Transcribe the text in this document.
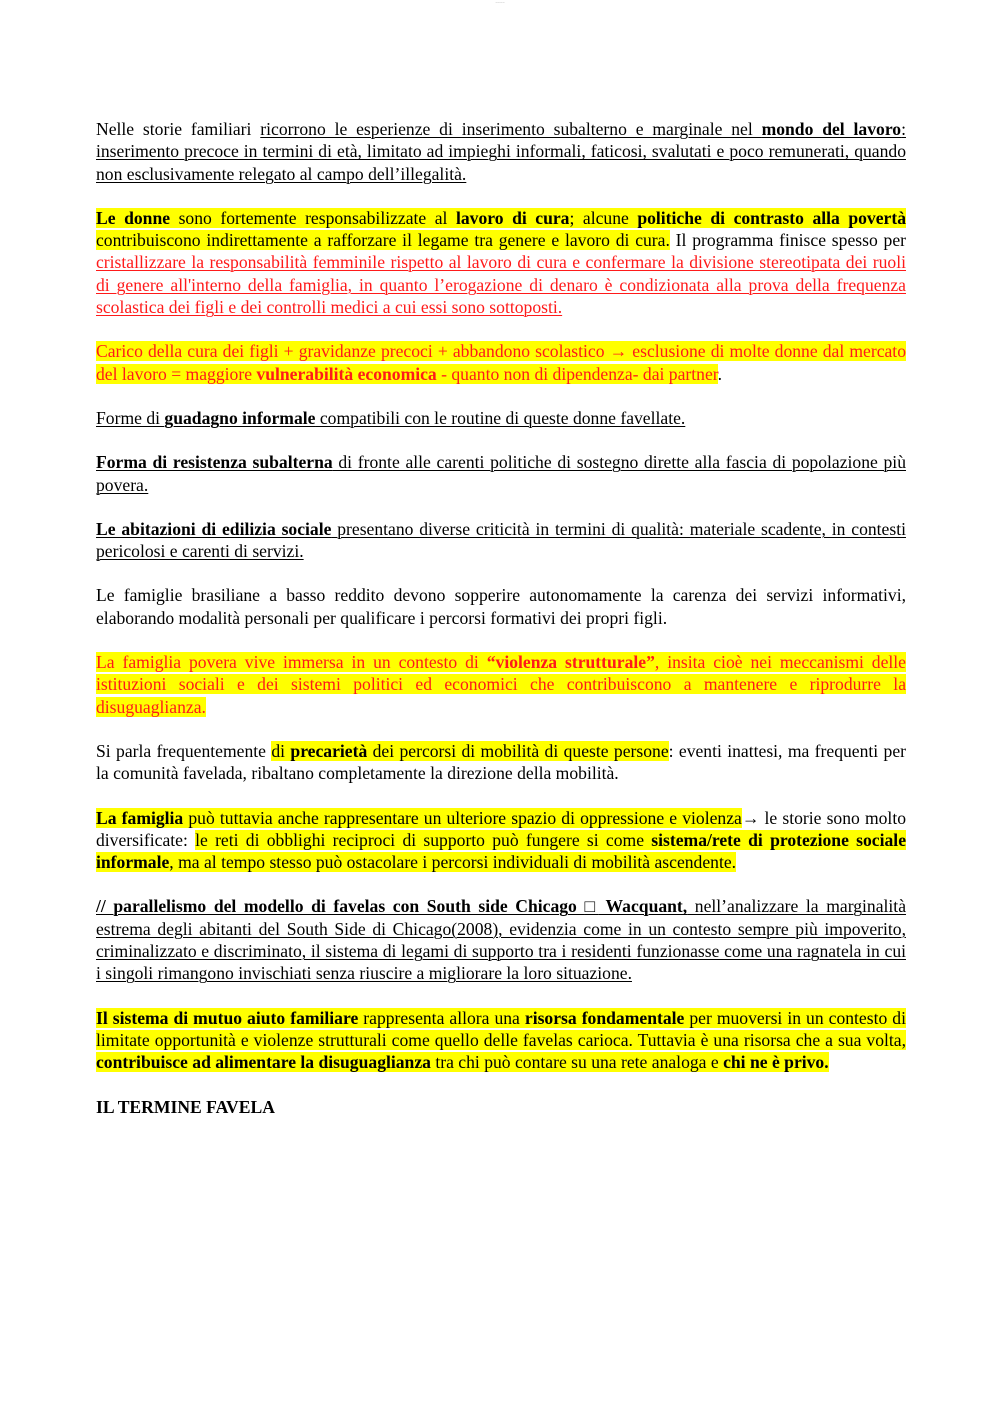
~~~~

Nelle storie familiari ricorrono le esperienze di inserimento subalterno e marginale nel mondo del lavoro: inserimento precoce in termini di età, limitato ad impieghi informali, faticosi, svalutati e poco remunerati, quando non esclusivamente relegato al campo dell’illegalità.

Le donne sono fortemente responsabilizzate al lavoro di cura; alcune politiche di contrasto alla povertà contribuiscono indirettamente a rafforzare il legame tra genere e lavoro di cura. Il programma finisce spesso per cristallizzare la responsabilità femminile rispetto al lavoro di cura e confermare la divisione stereotipata dei ruoli di genere all'interno della famiglia, in quanto l’erogazione di denaro è condizionata alla prova della frequenza scolastica dei figli e dei controlli medici a cui essi sono sottoposti.

Carico della cura dei figli + gravidanze precoci + abbandono scolastico → esclusione di molte donne dal mercato del lavoro = maggiore vulnerabilità economica - quanto non di dipendenza- dai partner.

Forme di guadagno informale compatibili con le routine di queste donne favellate.

Forma di resistenza subalterna di fronte alle carenti politiche di sostegno dirette alla fascia di popolazione più povera.

Le abitazioni di edilizia sociale presentano diverse criticità in termini di qualità: materiale scadente, in contesti pericolosi e carenti di servizi.

Le famiglie brasiliane a basso reddito devono sopperire autonomamente la carenza dei servizi informativi, elaborando modalità personali per qualificare i percorsi formativi dei propri figli.

La famiglia povera vive immersa in un contesto di “violenza strutturale”, insita cioè nei meccanismi delle istituzioni sociali e dei sistemi politici ed economici che contribuiscono a mantenere e riprodurre la disuguaglianza.

Si parla frequentemente di precarietà dei percorsi di mobilità di queste persone: eventi inattesi, ma frequenti per la comunità favelada, ribaltano completamente la direzione della mobilità.

La famiglia può tuttavia anche rappresentare un ulteriore spazio di oppressione e violenza→ le storie sono molto diversificate: le reti di obblighi reciproci di supporto può fungere si come sistema/rete di protezione sociale informale, ma al tempo stesso può ostacolare i percorsi individuali di mobilità ascendente.

// parallelismo del modello di favelas con South side Chicago □ Wacquant, nell’analizzare la marginalità estrema degli abitanti del South Side di Chicago(2008), evidenzia come in un contesto sempre più impoverito, criminalizzato e discriminato, il sistema di legami di supporto tra i residenti funzionasse come una ragnatela in cui i singoli rimangono invischiati senza riuscire a migliorare la loro situazione.

Il sistema di mutuo aiuto familiare rappresenta allora una risorsa fondamentale per muoversi in un contesto di limitate opportunità e violenze strutturali come quello delle favelas carioca. Tuttavia è una risorsa che a sua volta, contribuisce ad alimentare la disuguaglianza tra chi può contare su una rete analoga e chi ne è privo.

IL TERMINE FAVELA
